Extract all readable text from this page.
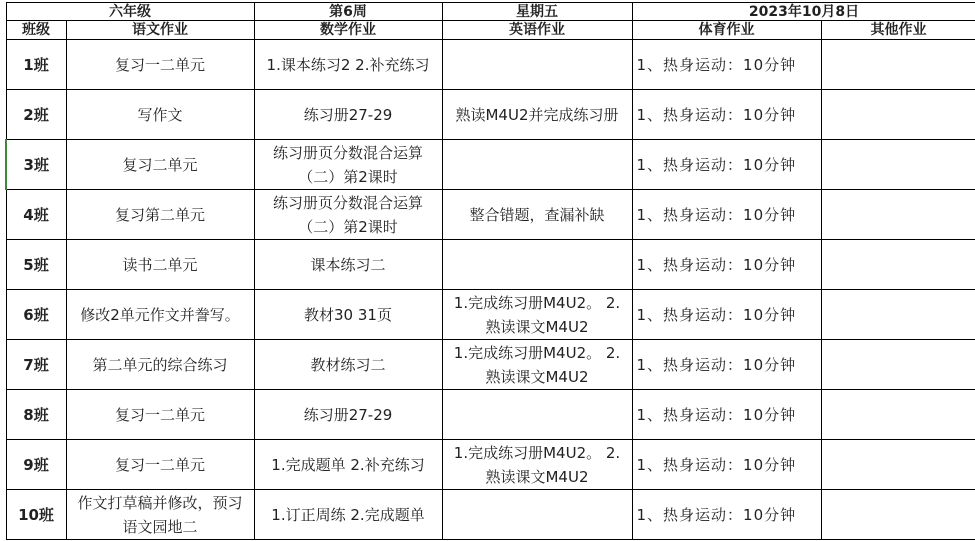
六年级		第6周	星期五	2023年10月8日	
班级	语文作业	数学作业	英语作业	体育作业	其他作业
1班	复习一二单元	1.课本练习2 2.补充练习		1、热身运动：10分钟	
2班	写作文	练习册27-29	熟读M4U2并完成练习册	1、热身运动：10分钟	
3班	复习二单元	练习册页分数混合运算（二）第2课时		1、热身运动：10分钟	
4班	复习第二单元	练习册页分数混合运算（二）第2课时	整合错题，查漏补缺	1、热身运动：10分钟	
5班	读书二单元	课本练习二		1、热身运动：10分钟	
6班	修改2单元作文并誊写。	教材30 31页	1.完成练习册M4U2。 2.熟读课文M4U2	1、热身运动：10分钟	
7班	第二单元的综合练习	教材练习二	1.完成练习册M4U2。 2.熟读课文M4U2	1、热身运动：10分钟	
8班	复习一二单元	练习册27-29		1、热身运动：10分钟	
9班	复习一二单元	1.完成题单 2.补充练习	1.完成练习册M4U2。 2.熟读课文M4U2	1、热身运动：10分钟	
10班	作文打草稿并修改，预习语文园地二	1.订正周练 2.完成题单		1、热身运动：10分钟	
